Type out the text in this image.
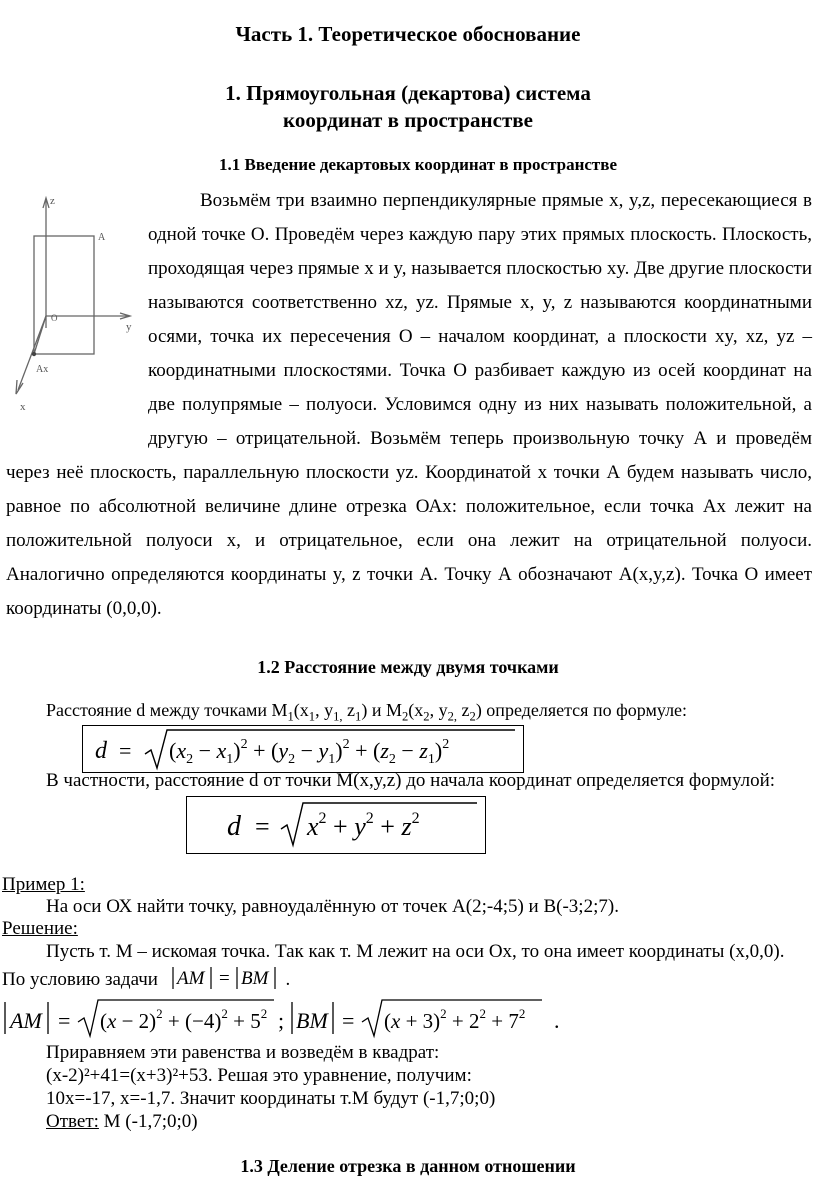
Часть 1. Теоретическое обоснование
1. Прямоугольная (декартова) система
координат в пространстве
1.1 Введение декартовых координат в пространстве
z
A
y
O
Ax
x

Возьмём три взаимно перпендикулярные прямые x, y,z, пересекающиеся в одной точке О. Проведём через каждую пару этих прямых плоскость. Плоскость, проходящая через прямые x и y, называется плоскостью xy. Две другие плоскости называются соответственно xz, yz. Прямые x, y, z называются координатными осями, точка их пересечения О – началом координат, а плоскости xy, xz, yz – координатными плоскостями. Точка О разбивает каждую из осей координат на две полупрямые – полуоси. Условимся одну из них называть положительной, а другую – отрицательной. Возьмём теперь произвольную точку А и проведём через неё плоскость, параллельную плоскости yz. Координатой x точки А будем называть число, равное по абсолютной величине длине отрезка ОАx: положительное, если точка Аx лежит на положительной полуоси x, и отрицательное, если она лежит на отрицательной полуоси. Аналогично определяются координаты y, z точки А. Точку А обозначают А(x,y,z). Точка О имеет координаты (0,0,0).

1.2 Расстояние между двумя точками
Расстояние d между точками $M_1(x_1$, $y_{1,}$ $z_1$) и $M_2(x_2$, $y_{2,}$ $z_2$) определяется по формуле:
$d = (x_2 - x_1)^2 + (y_2 - y_1)^2 + (z_2 - z_1)^2$
В частности, расстояние d от точки M(x,y,z) до начала координат определяется формулой:
$d = x^2 + y^2 + z^2$
Пример 1:
На оси ОХ найти точку, равноудалённую от точек А(2;-4;5) и В(-3;2;7).
Решение:
Пусть т. М – искомая точка. Так как т. М лежит на оси Ох, то она имеет координаты (х,0,0).
По условию задачи AM = BM .
AM = $(x - 2)^2 + (-4)^2 + 5^2$ ; BM = $(x + 3)^2 + 2^2 + 7^2$ .
Приравняем эти равенства и возведём в квадрат:
(х-2)²+41=(х+3)²+53. Решая это уравнение, получим:
10х=-17, х=-1,7. Значит координаты т.М будут (-1,7;0;0)
Ответ: М (-1,7;0;0)
1.3 Деление отрезка в данном отношении
